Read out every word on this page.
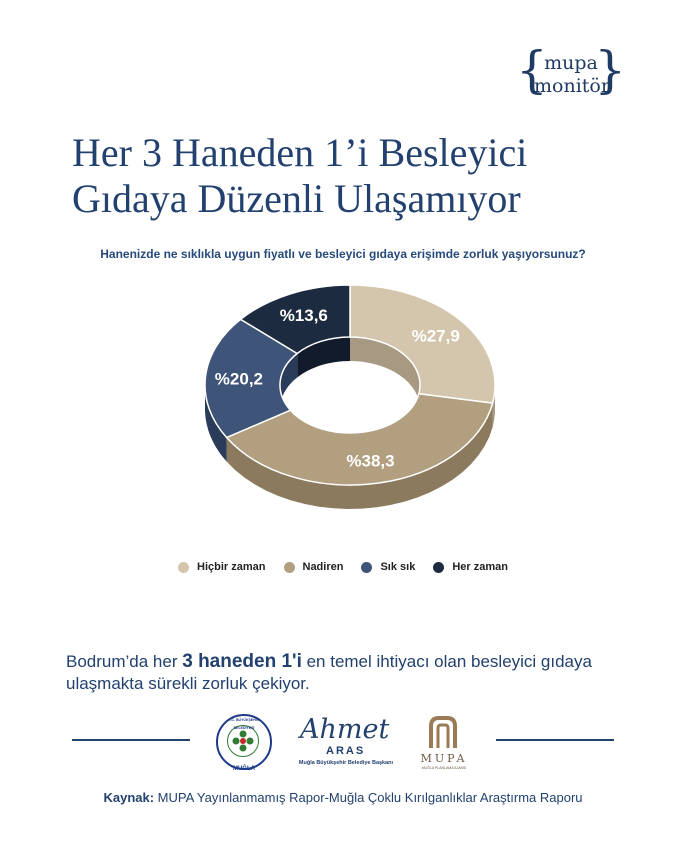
{
mupa
monitör
}
Her 3 Haneden 1’i Besleyici
Gıdaya Düzenli Ulaşamıyor
Hanenizde ne sıklıkla uygun fiyatlı ve besleyici gıdaya erişimde zorluk yaşıyorsunuz?
%27,9
%38,3
%20,2
%13,6
Hiçbir zaman	Nadiren	Sık sık	Her zaman
Bodrum’da her 3 haneden 1'i en temel ihtiyacı olan besleyici gıdaya ulaşmakta sürekli zorluk çekiyor.
T.C. BÜYÜKŞEHİR BELEDİYESİ
MUĞLA
Ahmet
ARAS
Muğla Büyükşehir Belediye Başkanı	MUPA
MUĞLA PLANLAMA AJANSI
Kaynak: MUPA Yayınlanmamış Rapor-Muğla Çoklu Kırılganlıklar Araştırma Raporu
